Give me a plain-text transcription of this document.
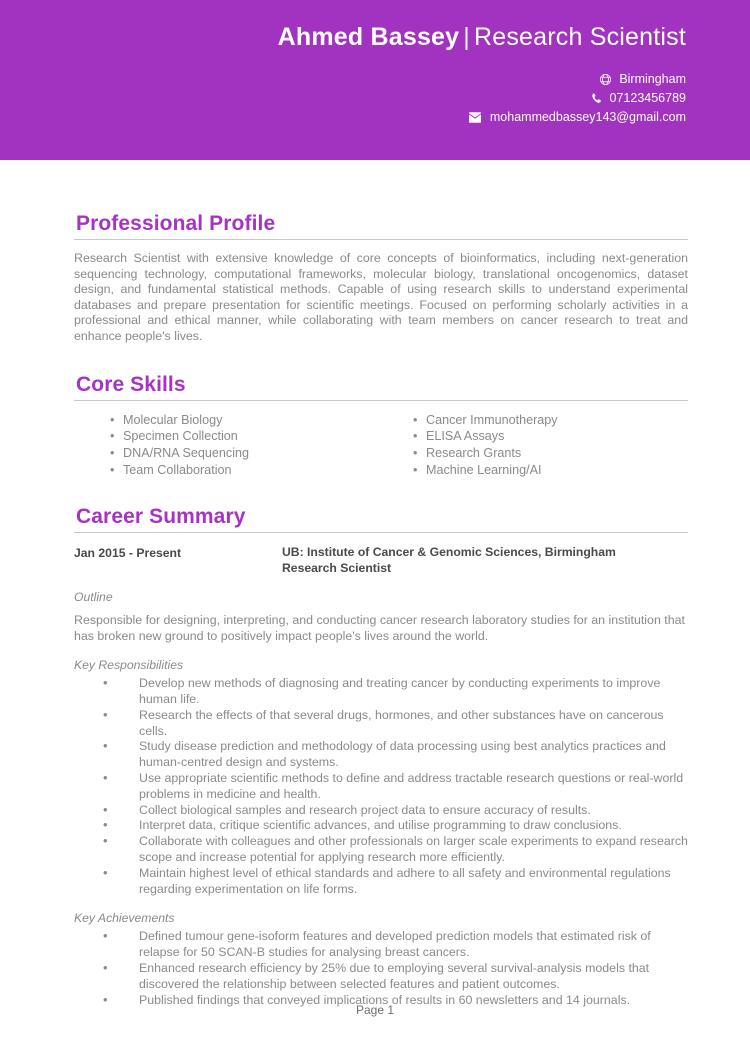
Ahmed Bassey | Research Scientist
Birmingham
07123456789
mohammedbassey143@gmail.com
Professional Profile

Research Scientist with extensive knowledge of core concepts of bioinformatics, including next-generation sequencing technology, computational frameworks, molecular biology, translational oncogenomics, dataset design, and fundamental statistical methods. Capable of using research skills to understand experimental databases and prepare presentation for scientific meetings. Focused on performing scholarly activities in a professional and ethical manner, while collaborating with team members on cancer research to treat and enhance people's lives.

Core Skills
• Molecular Biology
• Specimen Collection
• DNA/RNA Sequencing
• Team Collaboration
• Cancer Immunotherapy
• ELISA Assays
• Research Grants
• Machine Learning/AI
Career Summary
Jan 2015 - Present	UB: Institute of Cancer & Genomic Sciences, Birmingham
Research Scientist
Outline
Responsible for designing, interpreting, and conducting cancer research laboratory studies for an institution that has broken new ground to positively impact people's lives around the world.
Key Responsibilities
•	Develop new methods of diagnosing and treating cancer by conducting experiments to improve human life.
•	Research the effects of that several drugs, hormones, and other substances have on cancerous cells.
•	Study disease prediction and methodology of data processing using best analytics practices and human-centred design and systems.
•	Use appropriate scientific methods to define and address tractable research questions or real-world problems in medicine and health.
•	Collect biological samples and research project data to ensure accuracy of results.
•	Interpret data, critique scientific advances, and utilise programming to draw conclusions.
•	Collaborate with colleagues and other professionals on larger scale experiments to expand research scope and increase potential for applying research more efficiently.
•	Maintain highest level of ethical standards and adhere to all safety and environmental regulations regarding experimentation on life forms.
Key Achievements
•	Defined tumour gene-isoform features and developed prediction models that estimated risk of relapse for 50 SCAN-B studies for analysing breast cancers.
•	Enhanced research efficiency by 25% due to employing several survival-analysis models that discovered the relationship between selected features and patient outcomes.
•	Published findings that conveyed implications of results in 60 newsletters and 14 journals.
Page 1
